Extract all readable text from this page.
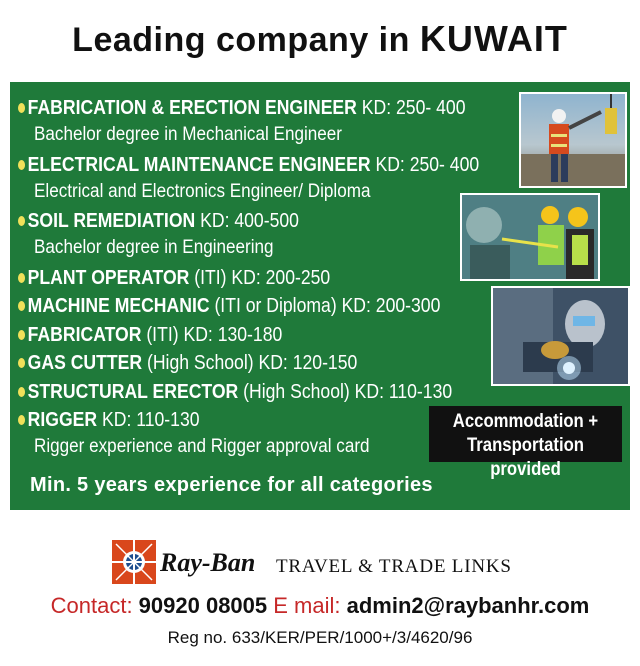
Leading company in KUWAIT
FABRICATION & ERECTION ENGINEER KD: 250- 400
Bachelor degree in Mechanical Engineer
ELECTRICAL MAINTENANCE ENGINEER KD: 250- 400
Electrical and Electronics Engineer/ Diploma
SOIL REMEDIATION KD: 400-500
Bachelor degree in Engineering
PLANT OPERATOR (ITI) KD: 200-250
MACHINE MECHANIC (ITI or Diploma) KD: 200-300
FABRICATOR (ITI) KD: 130-180
GAS CUTTER (High School) KD: 120-150
STRUCTURAL ERECTOR (High School) KD: 110-130
RIGGER KD: 110-130
Rigger experience and Rigger approval card
Accommodation +
Transportation provided
Min. 5 years experience for all categories
Ray-Ban TRAVEL & TRADE LINKS
Contact: 90920 08005 E mail: admin2@raybanhr.com
Reg no. 633/KER/PER/1000+/3/4620/96
